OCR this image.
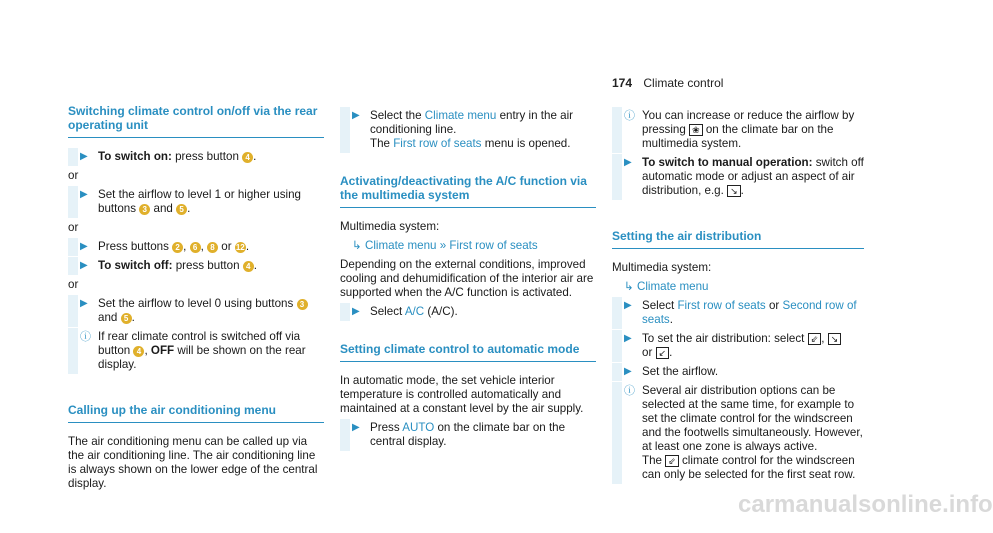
174 Climate control
Switching climate control on/off via the rear operating unit
▶ To switch on: press button 4 .
or
▶ Set the airflow to level 1 or higher using buttons 3 and 5 .
or
▶ Press buttons 2 , 6 , 8 or 12.
▶ To switch off: press button 4 .
or
▶ Set the airflow to level 0 using buttons 3 and 5 .
ⓘ If rear climate control is switched off via button 4 , OFF will be shown on the rear display.
Calling up the air conditioning menu
The air conditioning menu can be called up via the air conditioning line. The air conditioning line is always shown on the lower edge of the central display.
▶ Select the Climate menu entry in the air conditioning line.
The First row of seats menu is opened.
Activating/deactivating the A/C function via the multimedia system
Multimedia system:
↳ Climate menu » First row of seats
Depending on the external conditions, improved cooling and dehumidification of the interior air are supported when the A/C function is activated.
▶ Select A/C (A/C).
Setting climate control to automatic mode
In automatic mode, the set vehicle interior temperature is controlled automatically and maintained at a constant level by the air supply.
▶ Press AUTO on the climate bar on the central display.
ⓘ You can increase or reduce the airflow by pressing ❀ on the climate bar on the multimedia system.
▶ To switch to manual operation: switch off automatic mode or adjust an aspect of air distribution, e.g. ↘ .
Setting the air distribution
Multimedia system:
↳ Climate menu
▶ Select First row of seats or Second row of seats.
▶ To set the air distribution: select ⇙ , ↘
or ↙ .
▶ Set the airflow.
ⓘ Several air distribution options can be selected at the same time, for example to set the climate control for the windscreen and the footwells simultaneously. However, at least one zone is always active.
The ⇙ climate control for the windscreen can only be selected for the first seat row.
carmanualsonline.info
